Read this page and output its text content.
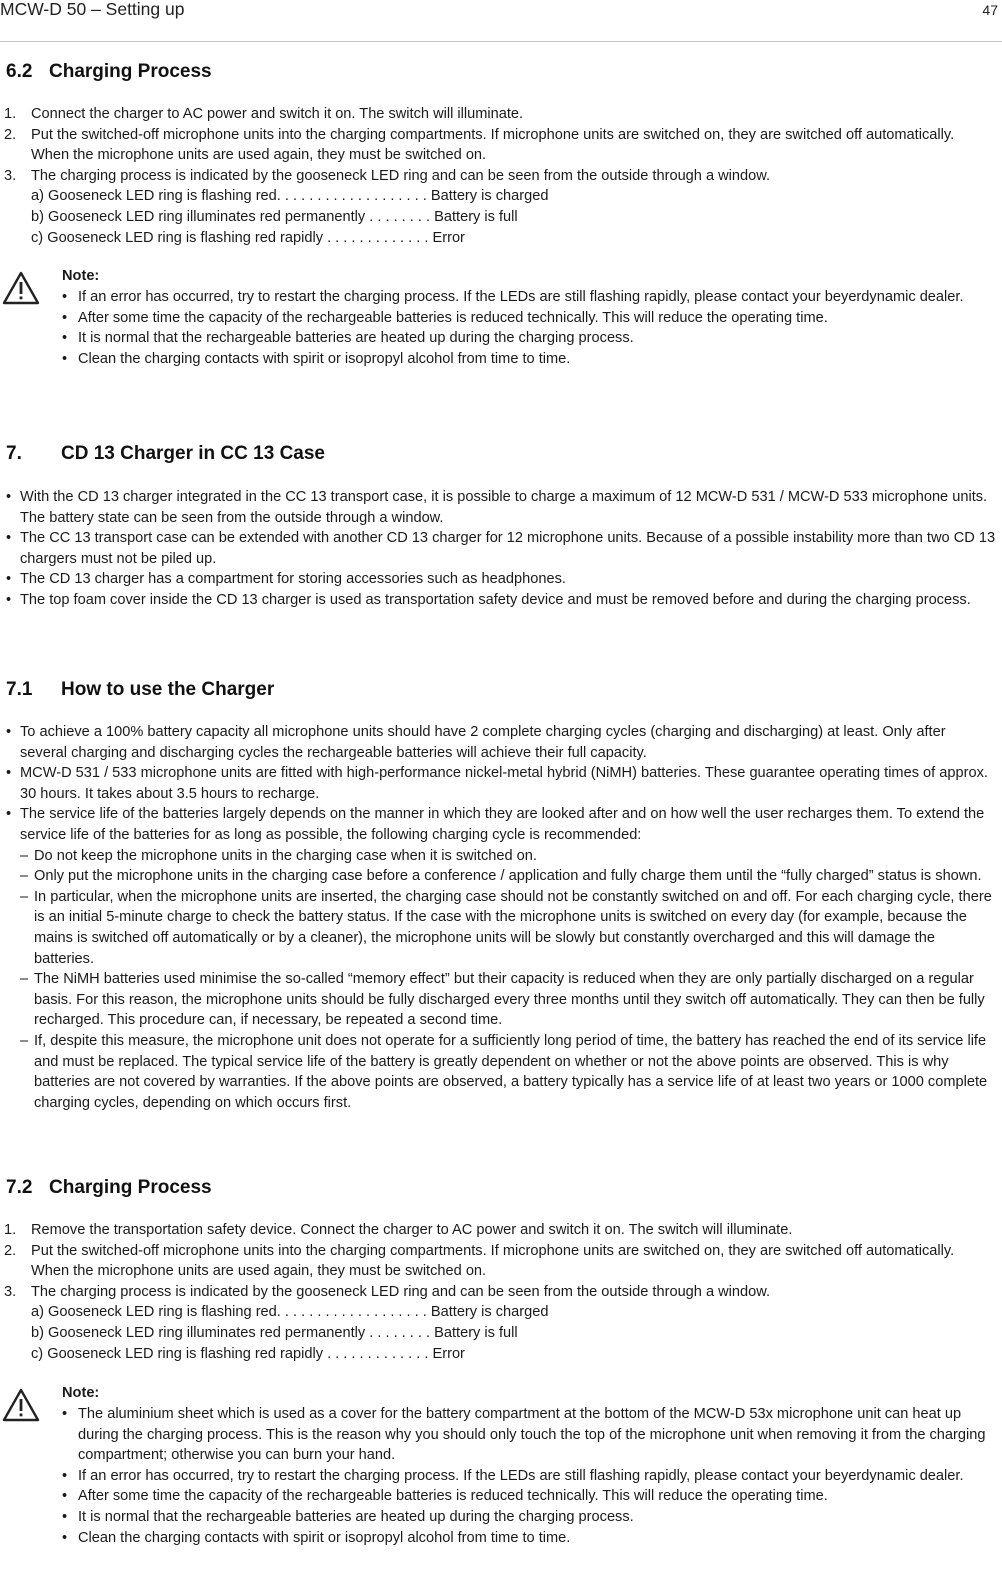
MCW-D 50 – Setting up	47
6.2 Charging Process
1. Connect the charger to AC power and switch it on. The switch will illuminate.
2. Put the switched-off microphone units into the charging compartments. If microphone units are switched on, they are switched off automatically. When the microphone units are used again, they must be switched on.
3. The charging process is indicated by the gooseneck LED ring and can be seen from the outside through a window.
a) Gooseneck LED ring is flashing red. . . . . . . . . . . . . . . . . . . Battery is charged
b) Gooseneck LED ring illuminates red permanently . . . . . . . . Battery is full
c) Gooseneck LED ring is flashing red rapidly . . . . . . . . . . . . . Error
Note:
• If an error has occurred, try to restart the charging process. If the LEDs are still flashing rapidly, please contact your beyerdynamic dealer.
• After some time the capacity of the rechargeable batteries is reduced technically. This will reduce the operating time.
• It is normal that the rechargeable batteries are heated up during the charging process.
• Clean the charging contacts with spirit or isopropyl alcohol from time to time.
7. CD 13 Charger in CC 13 Case
• With the CD 13 charger integrated in the CC 13 transport case, it is possible to charge a maximum of 12 MCW-D 531 / MCW-D 533 microphone units. The battery state can be seen from the outside through a window.
• The CC 13 transport case can be extended with another CD 13 charger for 12 microphone units. Because of a possible instability more than two CD 13 chargers must not be piled up.
• The CD 13 charger has a compartment for storing accessories such as headphones.
• The top foam cover inside the CD 13 charger is used as transportation safety device and must be removed before and during the charging process.
7.1 How to use the Charger
• To achieve a 100% battery capacity all microphone units should have 2 complete charging cycles (charging and discharging) at least. Only after several charging and discharging cycles the rechargeable batteries will achieve their full capacity.
• MCW-D 531 / 533 microphone units are fitted with high-performance nickel-metal hybrid (NiMH) batteries. These guarantee operating times of approx. 30 hours. It takes about 3.5 hours to recharge.
• The service life of the batteries largely depends on the manner in which they are looked after and on how well the user recharges them. To extend the service life of the batteries for as long as possible, the following charging cycle is recommended:
– Do not keep the microphone units in the charging case when it is switched on.
– Only put the microphone units in the charging case before a conference / application and fully charge them until the “fully charged” status is shown.
– In particular, when the microphone units are inserted, the charging case should not be constantly switched on and off. For each charging cycle, there is an initial 5-minute charge to check the battery status. If the case with the microphone units is switched on every day (for example, because the mains is switched off automatically or by a cleaner), the microphone units will be slowly but constantly overcharged and this will damage the batteries.
– The NiMH batteries used minimise the so-called “memory effect” but their capacity is reduced when they are only partially discharged on a regular basis. For this reason, the microphone units should be fully discharged every three months until they switch off automatically. They can then be fully recharged. This procedure can, if necessary, be repeated a second time.
– If, despite this measure, the microphone unit does not operate for a sufficiently long period of time, the battery has reached the end of its service life and must be replaced. The typical service life of the battery is greatly dependent on whether or not the above points are observed. This is why batteries are not covered by warranties. If the above points are observed, a battery typically has a service life of at least two years or 1000 complete charging cycles, depending on which occurs first.
7.2 Charging Process
1. Remove the transportation safety device. Connect the charger to AC power and switch it on. The switch will illuminate.
2. Put the switched-off microphone units into the charging compartments. If microphone units are switched on, they are switched off automatically. When the microphone units are used again, they must be switched on.
3. The charging process is indicated by the gooseneck LED ring and can be seen from the outside through a window.
a) Gooseneck LED ring is flashing red. . . . . . . . . . . . . . . . . . . Battery is charged
b) Gooseneck LED ring illuminates red permanently . . . . . . . . Battery is full
c) Gooseneck LED ring is flashing red rapidly . . . . . . . . . . . . . Error
Note:
• The aluminium sheet which is used as a cover for the battery compartment at the bottom of the MCW-D 53x microphone unit can heat up during the charging process. This is the reason why you should only touch the top of the microphone unit when removing it from the charging compartment; otherwise you can burn your hand.
• If an error has occurred, try to restart the charging process. If the LEDs are still flashing rapidly, please contact your beyerdynamic dealer.
• After some time the capacity of the rechargeable batteries is reduced technically. This will reduce the operating time.
• It is normal that the rechargeable batteries are heated up during the charging process.
• Clean the charging contacts with spirit or isopropyl alcohol from time to time.
